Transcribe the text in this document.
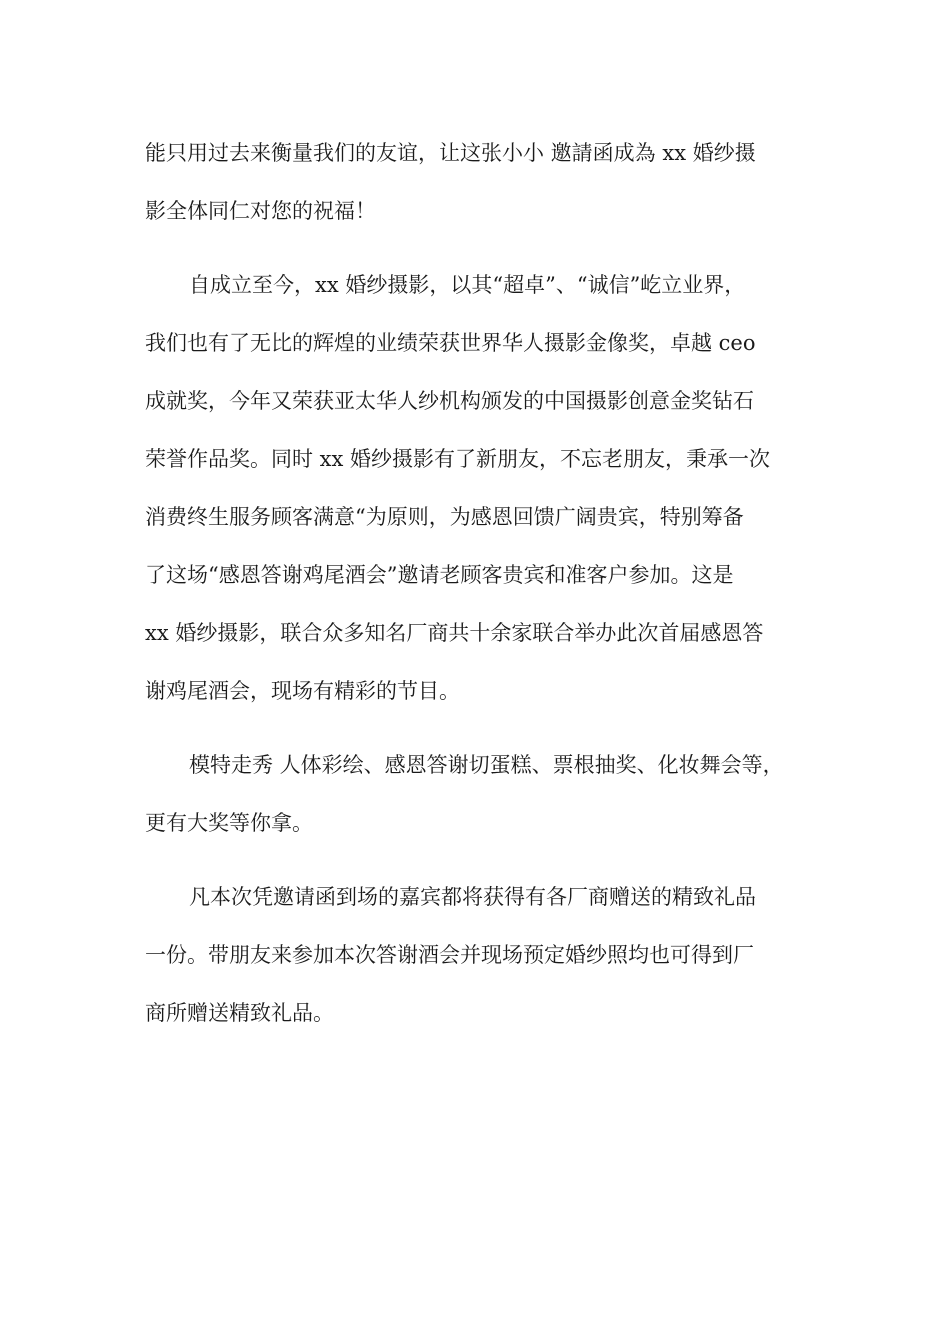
能只用过去来衡量我们的友谊，让这张小小 邀請函成為 xx 婚纱摄

影全体同仁对您的祝福！

自成立至今，xx 婚纱摄影，以其“超卓”、“诚信”屹立业界，

我们也有了无比的辉煌的业绩荣获世界华人摄影金像奖，卓越 ceo

成就奖，今年又荣获亚太华人纱机构颁发的中国摄影创意金奖钻石

荣誉作品奖。同时 xx 婚纱摄影有了新朋友，不忘老朋友，秉承一次

消费终生服务顾客满意“为原则，为感恩回馈广阔贵宾，特别筹备

了这场“感恩答谢鸡尾酒会”邀请老顾客贵宾和准客户参加。这是

xx 婚纱摄影，联合众多知名厂商共十余家联合举办此次首届感恩答

谢鸡尾酒会，现场有精彩的节目。

模特走秀 人体彩绘、感恩答谢切蛋糕、票根抽奖、化妆舞会等，

更有大奖等你拿。

凡本次凭邀请函到场的嘉宾都将获得有各厂商赠送的精致礼品

一份。带朋友来参加本次答谢酒会并现场预定婚纱照均也可得到厂

商所赠送精致礼品。
